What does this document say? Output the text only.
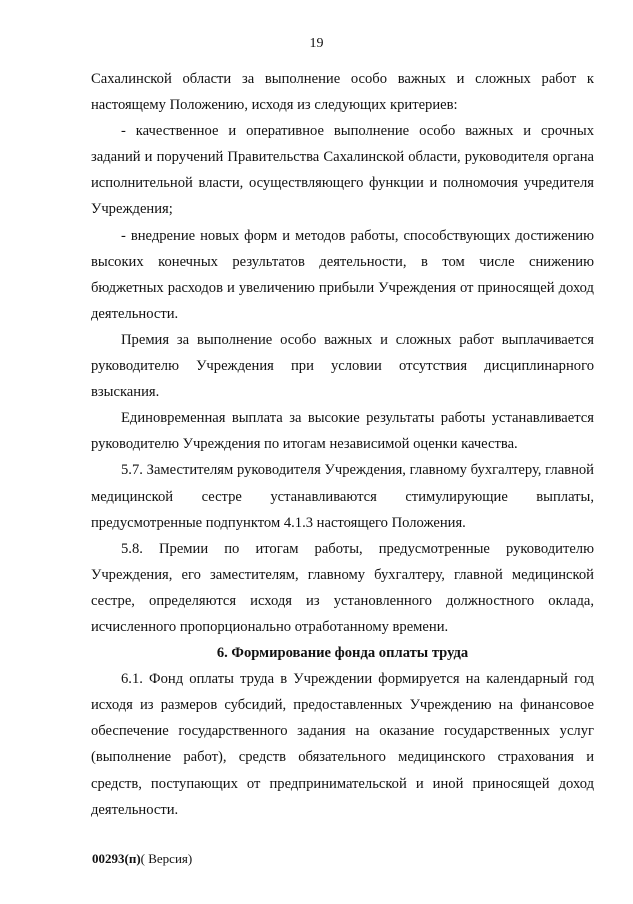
19

Сахалинской области за выполнение особо важных и сложных работ к настоящему Положению, исходя из следующих критериев:

- качественное и оперативное выполнение особо важных и срочных заданий и поручений Правительства Сахалинской области, руководителя органа исполнительной власти, осуществляющего функции и полномочия учредителя Учреждения;

- внедрение новых форм и методов работы, способствующих достижению высоких конечных результатов деятельности, в том числе снижению бюджетных расходов и увеличению прибыли Учреждения от приносящей доход деятельности.

Премия за выполнение особо важных и сложных работ выплачивается руководителю Учреждения при условии отсутствия дисциплинарного взыскания.

Единовременная выплата за высокие результаты работы устанавливается руководителю Учреждения по итогам независимой оценки качества.

5.7. Заместителям руководителя Учреждения, главному бухгалтеру, главной медицинской сестре устанавливаются стимулирующие выплаты, предусмотренные подпунктом 4.1.3 настоящего Положения.

5.8. Премии по итогам работы, предусмотренные руководителю Учреждения, его заместителям, главному бухгалтеру, главной медицинской сестре, определяются исходя из установленного должностного оклада, исчисленного пропорционально отработанному времени.

6. Формирование фонда оплаты труда

6.1. Фонд оплаты труда в Учреждении формируется на календарный год исходя из размеров субсидий, предоставленных Учреждению на финансовое обеспечение государственного задания на оказание государственных услуг (выполнение работ), средств обязательного медицинского страхования и средств, поступающих от предпринимательской и иной приносящей доход деятельности.

00293(п)( Версия)
